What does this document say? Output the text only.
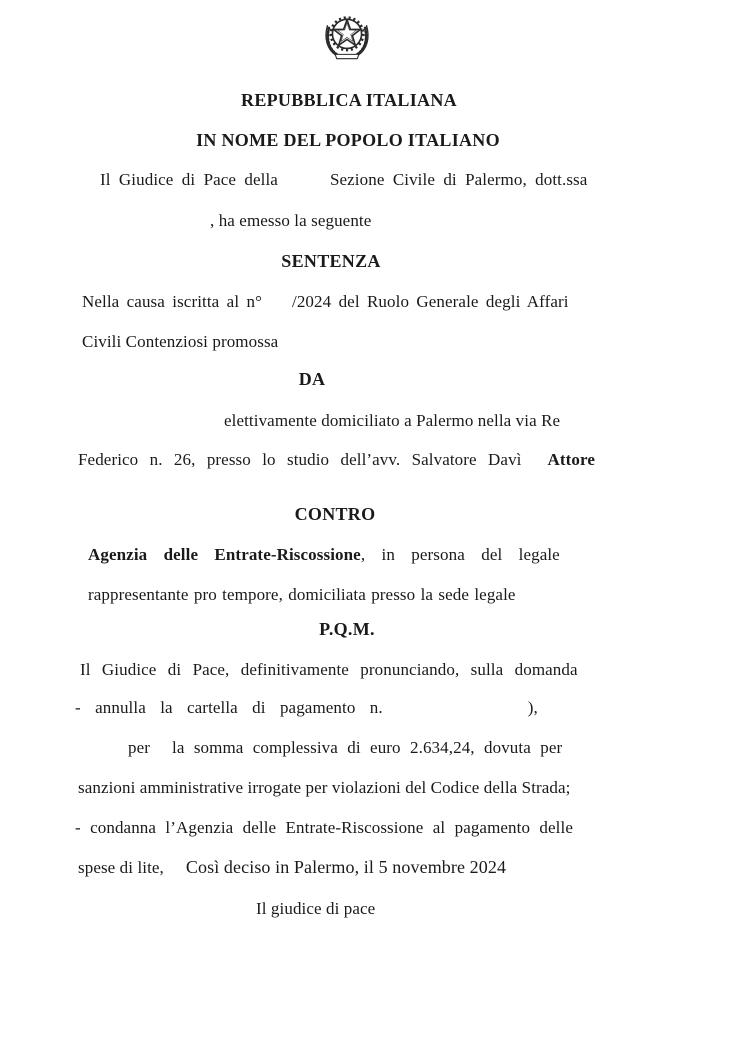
REPUBBLICA ITALIANA
IN NOME DEL POPOLO ITALIANO
Il Giudice di Pace della	Sezione Civile di Palermo, dott.ssa
, ha emesso la seguente
SENTENZA
Nella causa iscritta al n° /2024 del Ruolo Generale degli Affari
Civili Contenziosi promossa
DA
elettivamente domiciliato a Palermo nella via Re
Federico n. 26, presso lo studio dell’avv. Salvatore Davì Attore
CONTRO
Agenzia delle Entrate-Riscossione, in persona del legale
rappresentante pro tempore, domiciliata presso la sede legale
P.Q.M.
Il Giudice di Pace, definitivamente pronunciando, sulla domanda
- annulla la cartella di pagamento n.	),
per la somma complessiva di euro 2.634,24, dovuta per
sanzioni amministrative irrogate per violazioni del Codice della Strada;
- condanna l’Agenzia delle Entrate-Riscossione al pagamento delle
spese di lite, Così deciso in Palermo, il 5 novembre 2024
Il giudice di pace
